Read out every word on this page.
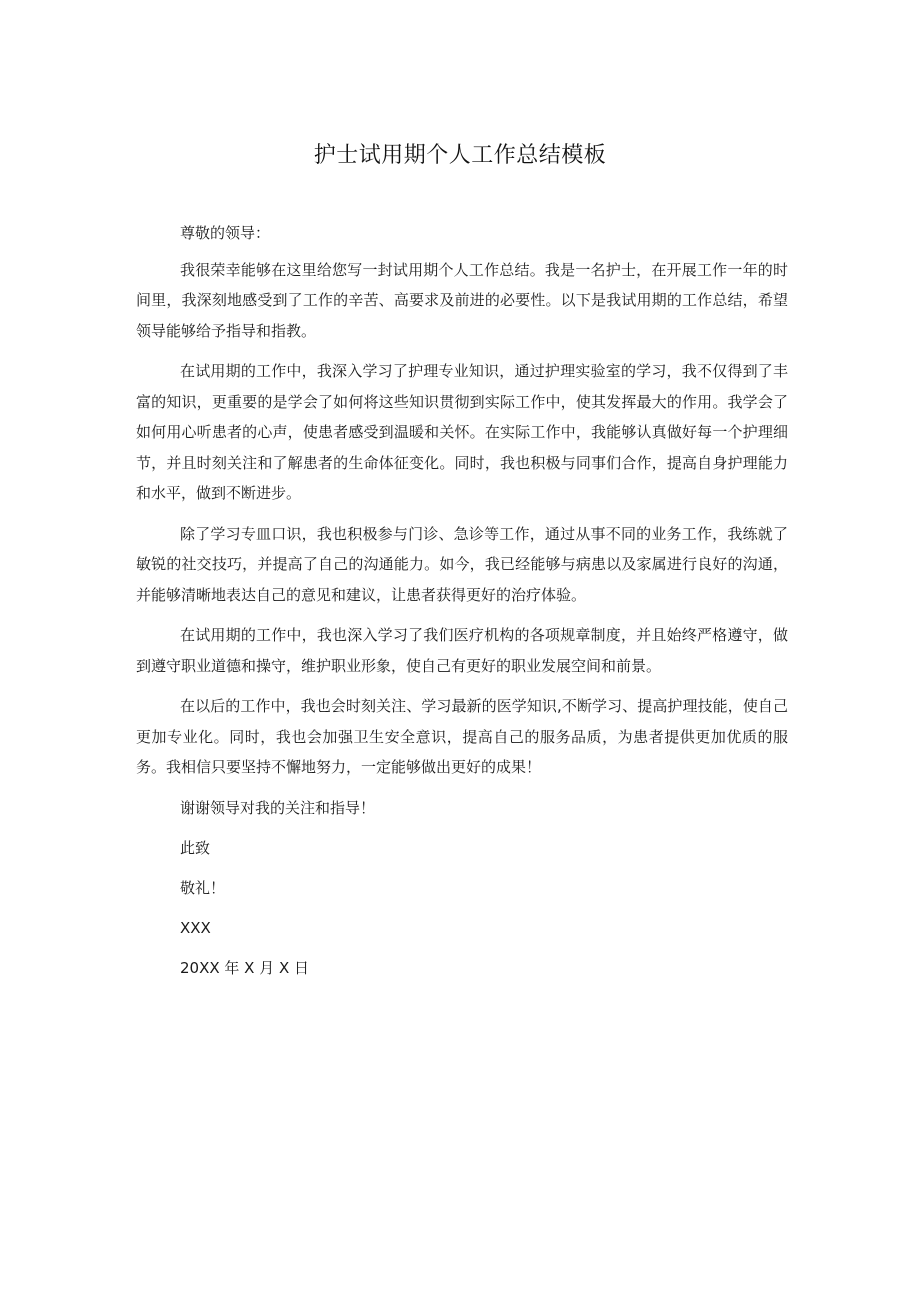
护士试用期个人工作总结模板

尊敬的领导：

我很荣幸能够在这里给您写一封试用期个人工作总结。我是一名护士，在开展工作一年的时间里，我深刻地感受到了工作的辛苦、高要求及前进的必要性。以下是我试用期的工作总结，希望领导能够给予指导和指教。

在试用期的工作中，我深入学习了护理专业知识，通过护理实验室的学习，我不仅得到了丰富的知识，更重要的是学会了如何将这些知识贯彻到实际工作中，使其发挥最大的作用。我学会了如何用心听患者的心声，使患者感受到温暖和关怀。在实际工作中，我能够认真做好每一个护理细节，并且时刻关注和了解患者的生命体征变化。同时，我也积极与同事们合作，提高自身护理能力和水平，做到不断进步。

除了学习专皿口识，我也积极参与门诊、急诊等工作，通过从事不同的业务工作，我练就了敏锐的社交技巧，并提高了自己的沟通能力。如今，我已经能够与病患以及家属进行良好的沟通，并能够清晰地表达自己的意见和建议，让患者获得更好的治疗体验。

在试用期的工作中，我也深入学习了我们医疗机构的各项规章制度，并且始终严格遵守，做到遵守职业道德和操守，维护职业形象，使自己有更好的职业发展空间和前景。

在以后的工作中，我也会时刻关注、学习最新的医学知识,不断学习、提高护理技能，使自己更加专业化。同时，我也会加强卫生安全意识，提高自己的服务品质，为患者提供更加优质的服务。我相信只要坚持不懈地努力，一定能够做出更好的成果！

谢谢领导对我的关注和指导！

此致

敬礼！

XXX

20XX 年 X 月 X 日
